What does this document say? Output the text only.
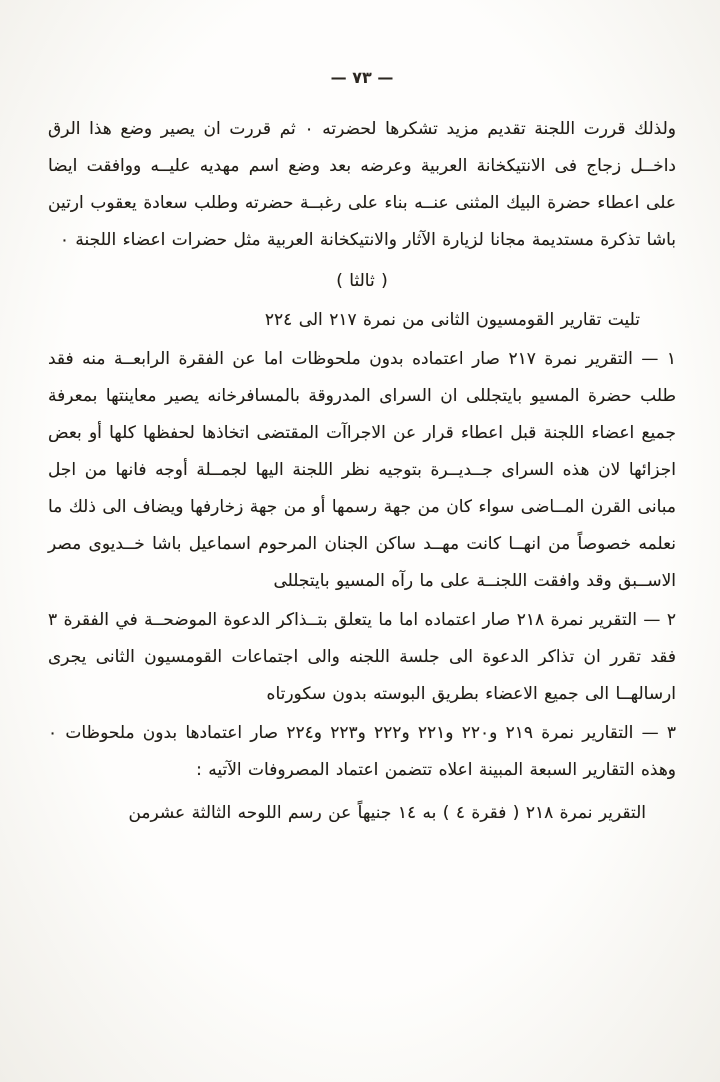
— ٧٣ —

ولذلك قررت اللجنة تقديم مزيد تشكرها لحضرته ٠ ثم قررت ان يصير وضع هذا الرق داخــل زجاج فى الانتيكخانة العربية وعرضه بعد وضع اسم مهديه عليــه ووافقت ايضا على اعطاء حضرة البيك المثنى عنــه بناء على رغبــة حضرته وطلب سعادة يعقوب ارتين باشا تذكرة مستديمة مجانا لزيارة الآثار والانتيكخانة العربية مثل حضرات اعضاء اللجنة ٠

( ثالثا )

تليت تقارير القومسيون الثانى من نمرة ٢١٧ الى ٢٢٤

١ — التقرير نمرة ٢١٧ صار اعتماده بدون ملحوظات اما عن الفقرة الرابعــة منه فقد طلب حضرة المسيو بايتجللى ان السراى المدروقة بالمسافرخانه يصير معاينتها بمعرفة جميع اعضاء اللجنة قبل اعطاء قرار عن الاجراآت المقتضى اتخاذها لحفظها كلها أو بعض اجزائها لان هذه السراى جــديــرة بتوجيه نظر اللجنة اليها لجمــلة أوجه فانها من اجل مبانى القرن المــاضى سواء كان من جهة رسمها أو من جهة زخارفها ويضاف الى ذلك ما نعلمه خصوصاً من انهــا كانت مهــد ساكن الجنان المرحوم اسماعيل باشا خــديوى مصر الاســبق وقد وافقت اللجنــة على ما رآه المسيو بايتجللى

٢ — التقرير نمرة ٢١٨ صار اعتماده اما ما يتعلق بتــذاكر الدعوة الموضحــة في الفقرة ٣ فقد تقرر ان تذاكر الدعوة الى جلسة اللجنه والى اجتماعات القومسيون الثانى يجرى ارسالهــا الى جميع الاعضاء بطريق البوسته بدون سكورتاه

٣ — التقارير نمرة ٢١٩ و٢٢٠ و٢٢١ و٢٢٢ و٢٢٣ و٢٢٤ صار اعتمادها بدون ملحوظات ٠ وهذه التقارير السبعة المبينة اعلاه تتضمن اعتماد المصروفات الآتيه :

التقرير نمرة ٢١٨ ( فقرة ٤ ) به ١٤ جنيهاً عن رسم اللوحه الثالثة عشرمن
